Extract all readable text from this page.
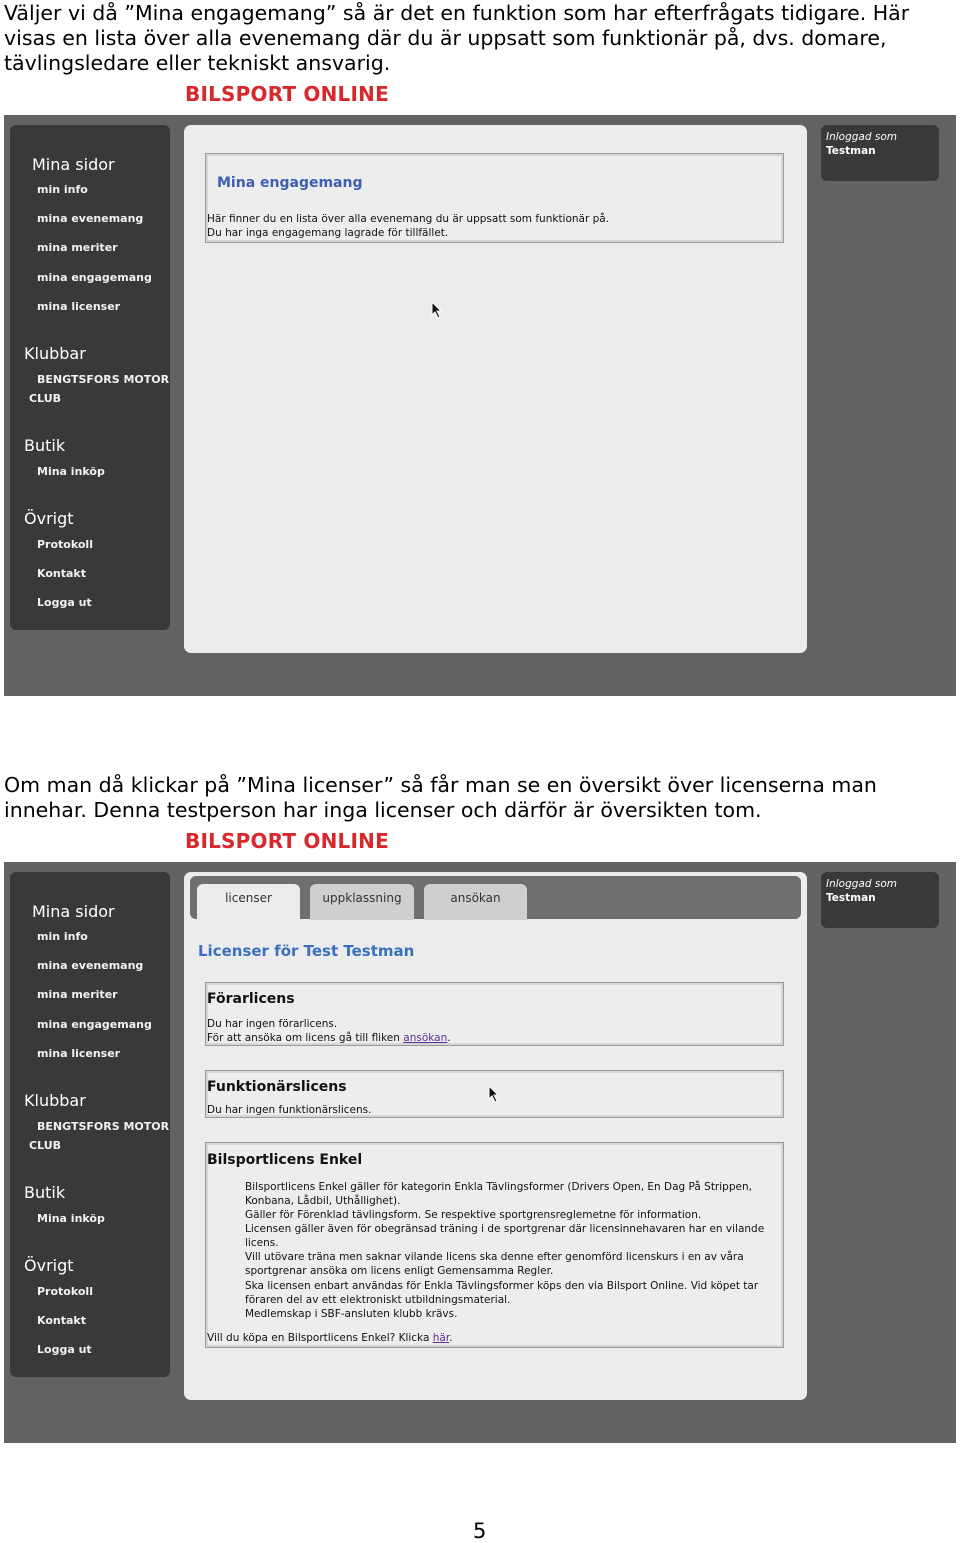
Väljer vi då ”Mina engagemang” så är det en funktion som har efterfrågats tidigare. Här visas en lista över alla evenemang där du är uppsatt som funktionär på, dvs. domare, tävlingsledare eller tekniskt ansvarig.

BILSPORT ONLINE
Mina sidor
min info
mina evenemang
mina meriter
mina engagemang
mina licenser
Klubbar
BENGTSFORS MOTOR
CLUB
Butik
Mina inköp
Övrigt
Protokoll
Kontakt
Logga ut
Mina engagemang
Här finner du en lista över alla evenemang du är uppsatt som funktionär på.
Du har inga engagemang lagrade för tillfället.
Inloggad som
Testman

Om man då klickar på ”Mina licenser” så får man se en översikt över licenserna man innehar. Denna testperson har inga licenser och därför är översikten tom.

BILSPORT ONLINE
Mina sidor
min info
mina evenemang
mina meriter
mina engagemang
mina licenser
Klubbar
BENGTSFORS MOTOR
CLUB
Butik
Mina inköp
Övrigt
Protokoll
Kontakt
Logga ut
licenser	uppklassning	ansökan
Licenser för Test Testman
Förarlicens
Du har ingen förarlicens.
För att ansöka om licens gå till fliken ansökan.
Funktionärslicens
Du har ingen funktionärslicens.
Bilsportlicens Enkel
Bilsportlicens Enkel gäller för kategorin Enkla Tävlingsformer (Drivers Open, En Dag På Strippen,
Konbana, Lådbil, Uthållighet).
Gäller för Förenklad tävlingsform. Se respektive sportgrensreglemetne för information.
Licensen gäller även för obegränsad träning i de sportgrenar där licensinnehavaren har en vilande
licens.
Vill utövare träna men saknar vilande licens ska denne efter genomförd licenskurs i en av våra
sportgrenar ansöka om licens enligt Gemensamma Regler.
Ska licensen enbart användas för Enkla Tävlingsformer köps den via Bilsport Online. Vid köpet tar
föraren del av ett elektroniskt utbildningsmaterial.
Medlemskap i SBF-ansluten klubb krävs.
Vill du köpa en Bilsportlicens Enkel? Klicka här.
Inloggad som
Testman
5
